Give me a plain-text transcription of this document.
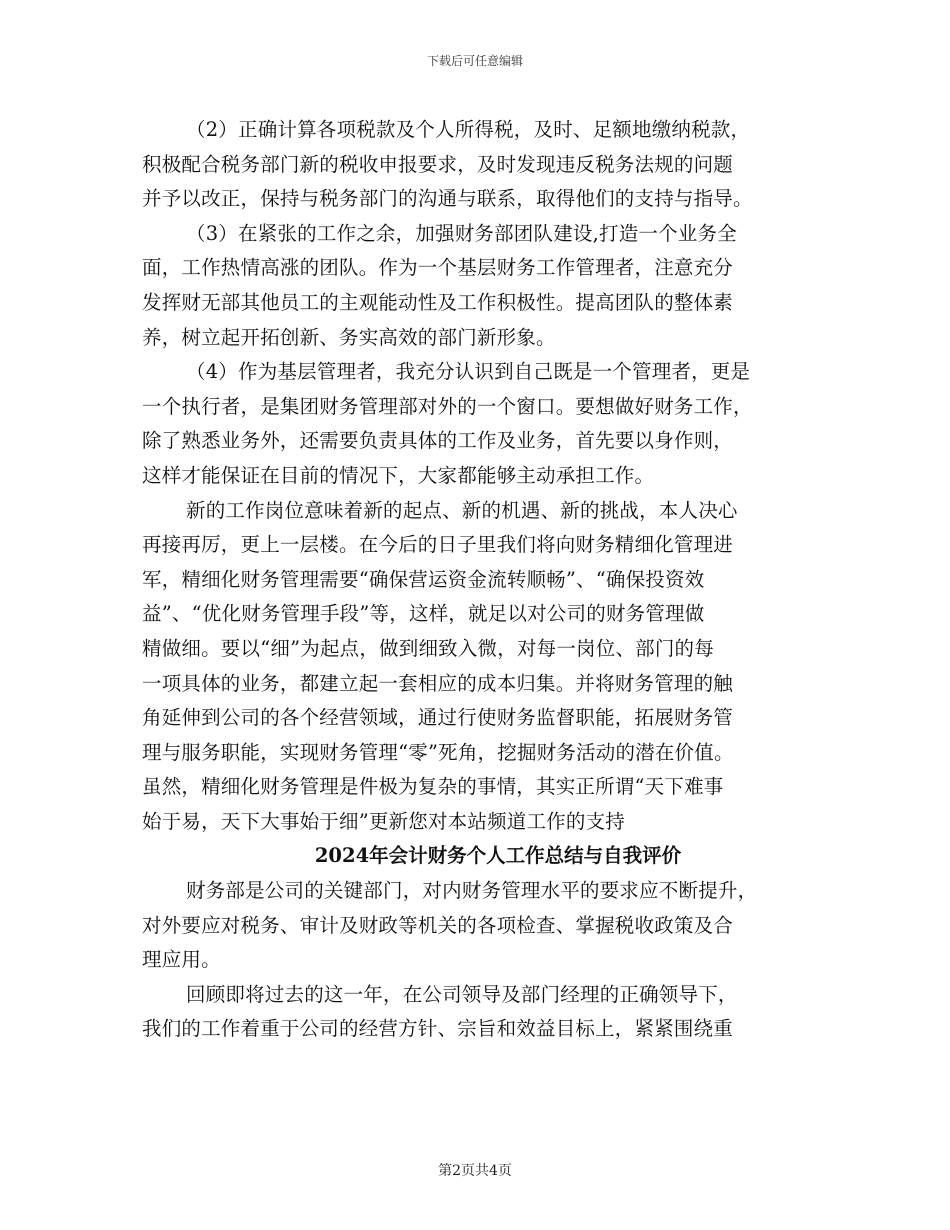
下载后可任意编辑
（2）正确计算各项税款及个人所得税，及时、足额地缴纳税款，
积极配合税务部门新的税收申报要求，及时发现违反税务法规的问题
并予以改正，保持与税务部门的沟通与联系，取得他们的支持与指导。
（3）在紧张的工作之余，加强财务部团队建设,打造一个业务全
面，工作热情高涨的团队。作为一个基层财务工作管理者，注意充分
发挥财无部其他员工的主观能动性及工作积极性。提高团队的整体素
养，树立起开拓创新、务实高效的部门新形象。
（4）作为基层管理者，我充分认识到自己既是一个管理者，更是
一个执行者，是集团财务管理部对外的一个窗口。要想做好财务工作，
除了熟悉业务外，还需要负责具体的工作及业务，首先要以身作则，
这样才能保证在目前的情况下，大家都能够主动承担工作。
新的工作岗位意味着新的起点、新的机遇、新的挑战，本人决心
再接再厉，更上一层楼。在今后的日子里我们将向财务精细化管理进
军，精细化财务管理需要“确保营运资金流转顺畅”、“确保投资效
益”、“优化财务管理手段”等，这样，就足以对公司的财务管理做
精做细。要以“细”为起点，做到细致入微，对每一岗位、部门的每
一项具体的业务，都建立起一套相应的成本归集。并将财务管理的触
角延伸到公司的各个经营领域，通过行使财务监督职能，拓展财务管
理与服务职能，实现财务管理“零”死角，挖掘财务活动的潜在价值。
虽然，精细化财务管理是件极为复杂的事情，其实正所谓“天下难事
始于易，天下大事始于细”更新您对本站频道工作的支持
2024年会计财务个人工作总结与自我评价
财务部是公司的关键部门，对内财务管理水平的要求应不断提升，
对外要应对税务、审计及财政等机关的各项检查、掌握税收政策及合
理应用。
回顾即将过去的这一年，在公司领导及部门经理的正确领导下，
我们的工作着重于公司的经营方针、宗旨和效益目标上，紧紧围绕重
第2页共4页
